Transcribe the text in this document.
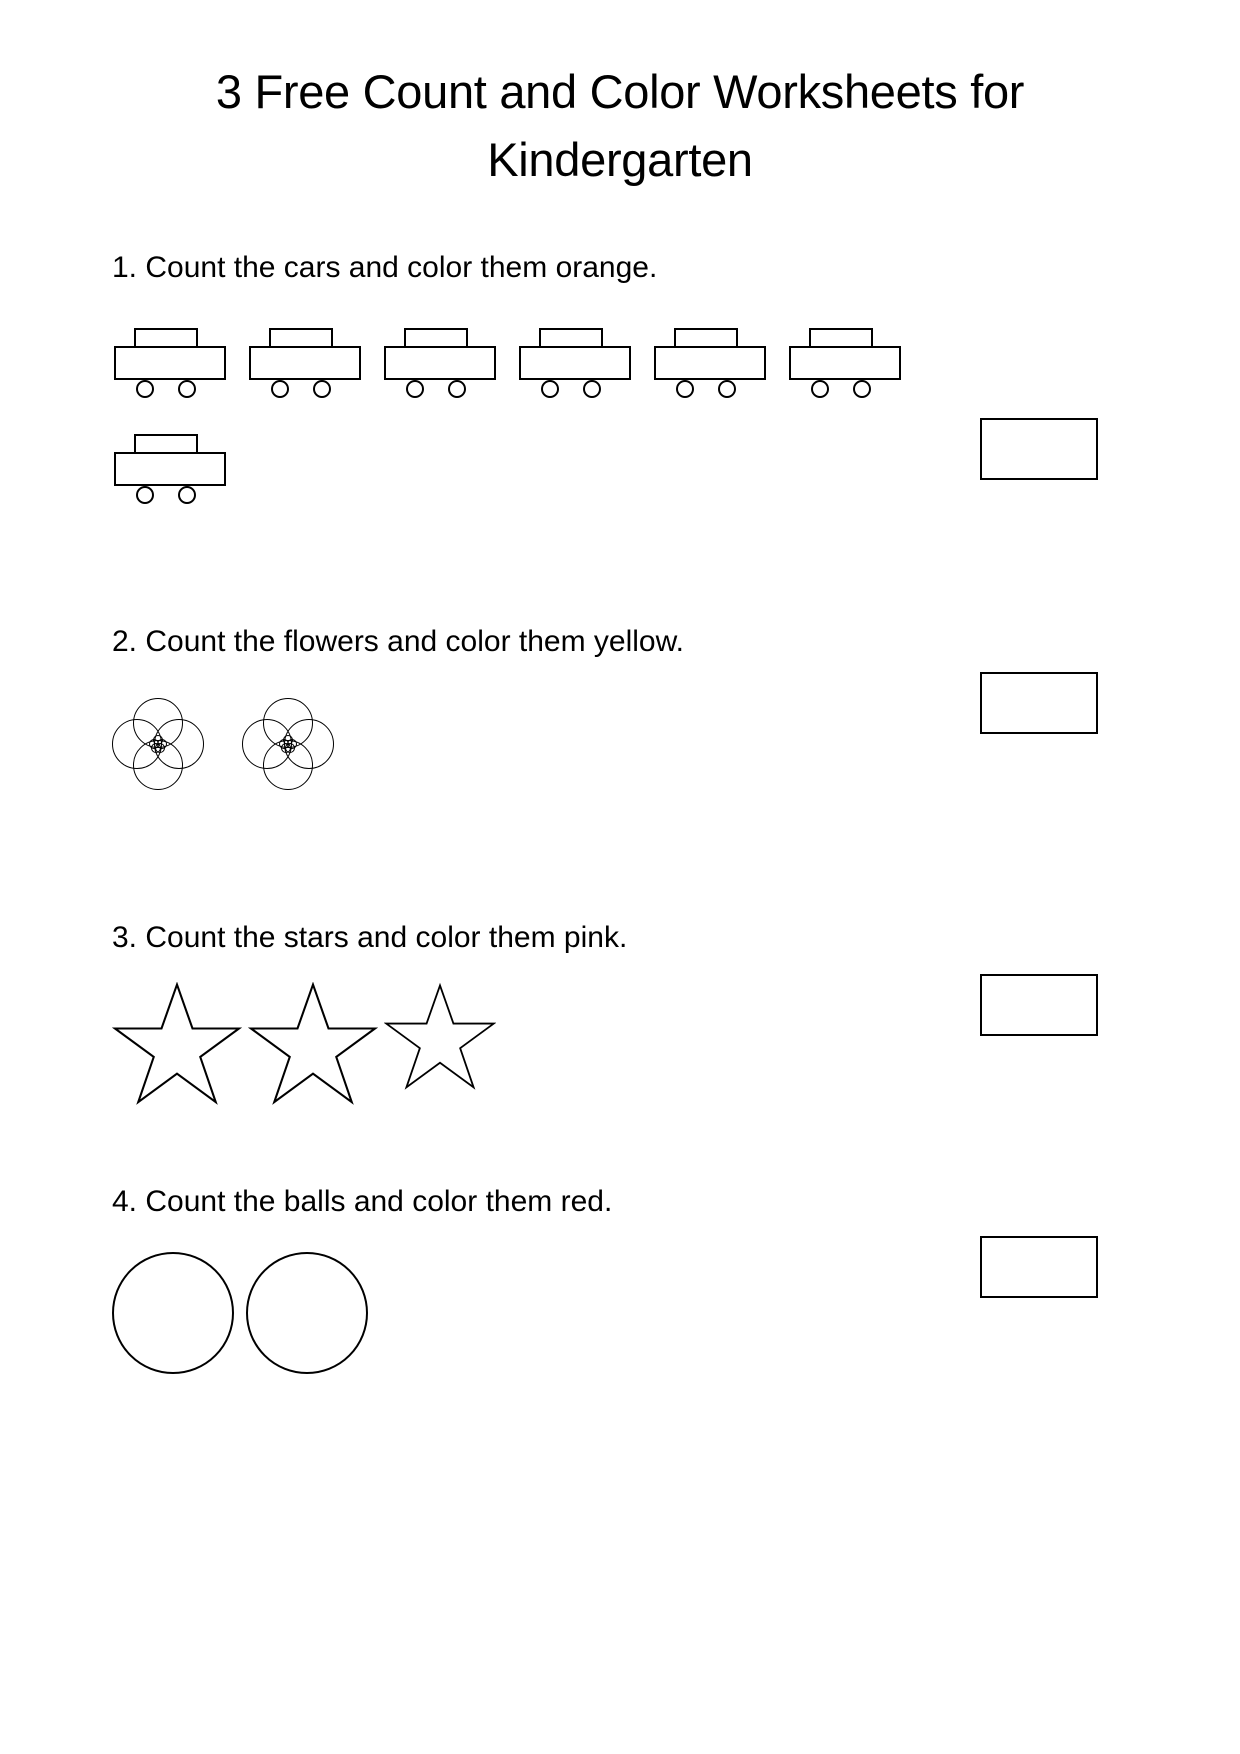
3 Free Count and Color Worksheets for Kindergarten

1. Count the cars and color them orange.

2. Count the flowers and color them yellow.

3. Count the stars and color them pink.

4. Count the balls and color them red.
